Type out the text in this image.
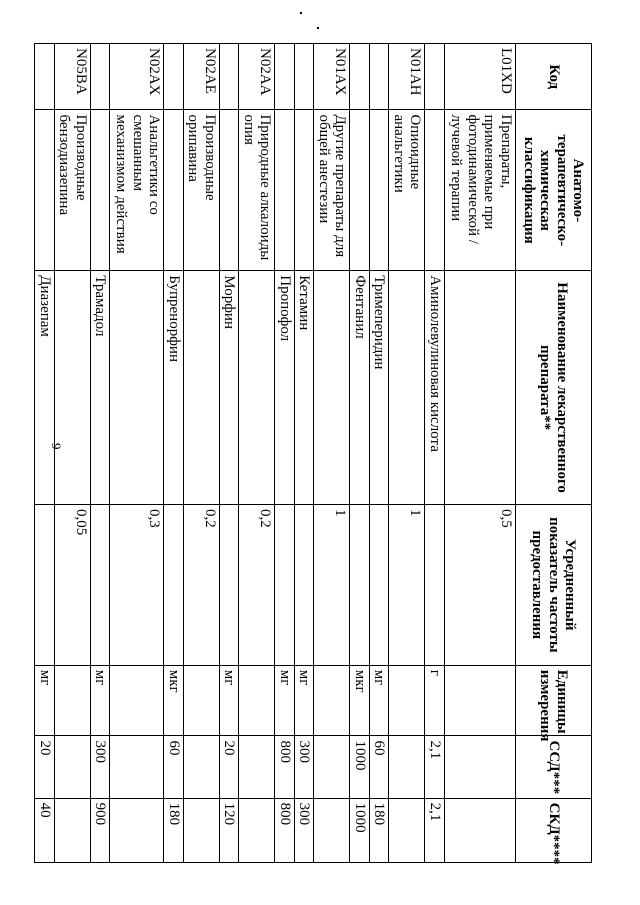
9
Код	Анатомо-терапевтическо-химическая классификация	Наименование лекарственного препарата**	Усредненный показатель частоты предоставления	Единицы измерения	ССД***	СКД****
L01XD	Препараты, применяемые при фотодинамической / лучевой терапии		0,5			
		Аминолевулиновая кислота		г	2,1	2,1
N01AH	Опиоидные анальгетики		1			
		Тримеперидин		мг	60	180
		Фентанил		мкг	1000	1000
N01AX	Другие препараты для общей анестезии		1			
		Кетамин		мг	300	300
		Пропофол		мг	800	800
N02AA	Природные алкалоиды опия		0,2			
		Морфин		мг	20	120
N02AE	Производные орипавина		0,2			
		Бупренорфин		мкг	60	180
N02AX	Анальгетики со смешанным механизмом действия		0,3			
		Трамадол		мг	300	900
N05BA	Производные бензодиазепина		0,05			
		Диазепам		мг	20	40
